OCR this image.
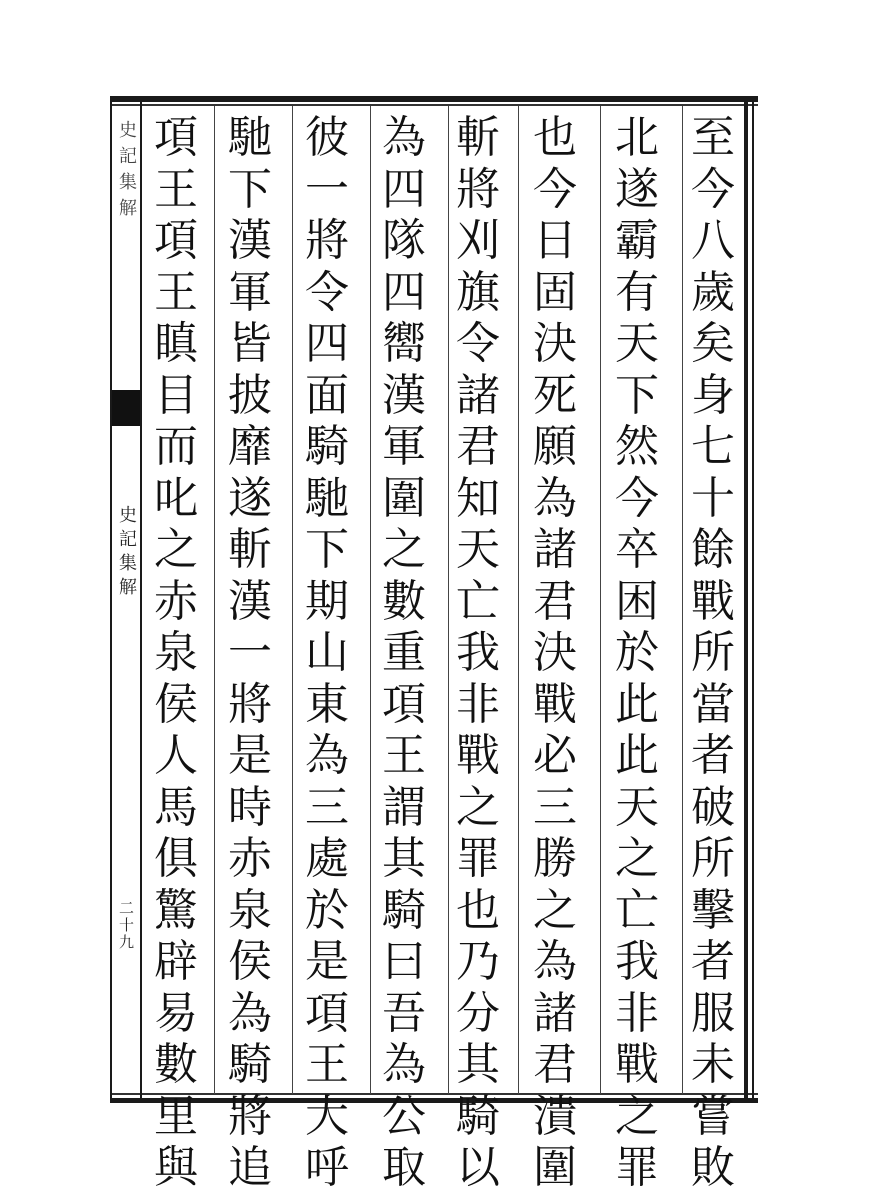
史記集解
史記集解
二十九
至
今
八
歲
矣
身
七
十
餘
戰
所
當
者
破
所
擊
者
服
未
嘗
敗
北
遂
霸
有
天
下
然
今
卒
困
於
此
此
天
之
亡
我
非
戰
之
罪
也
今
日
固
決
死
願
為
諸
君
決
戰
必
三
勝
之
為
諸
君
潰
圍
斬
將
刈
旗
令
諸
君
知
天
亡
我
非
戰
之
罪
也
乃
分
其
騎
以
為
四
隊
四
嚮
漢
軍
圍
之
數
重
項
王
謂
其
騎
曰
吾
為
公
取
彼
一
將
令
四
面
騎
馳
下
期
山
東
為
三
處
於
是
項
王
大
呼
馳
下
漢
軍
皆
披
靡
遂
斬
漢
一
將
是
時
赤
泉
侯
為
騎
將
追
項
王
項
王
瞋
目
而
叱
之
赤
泉
侯
人
馬
俱
驚
辟
易
數
里
與
